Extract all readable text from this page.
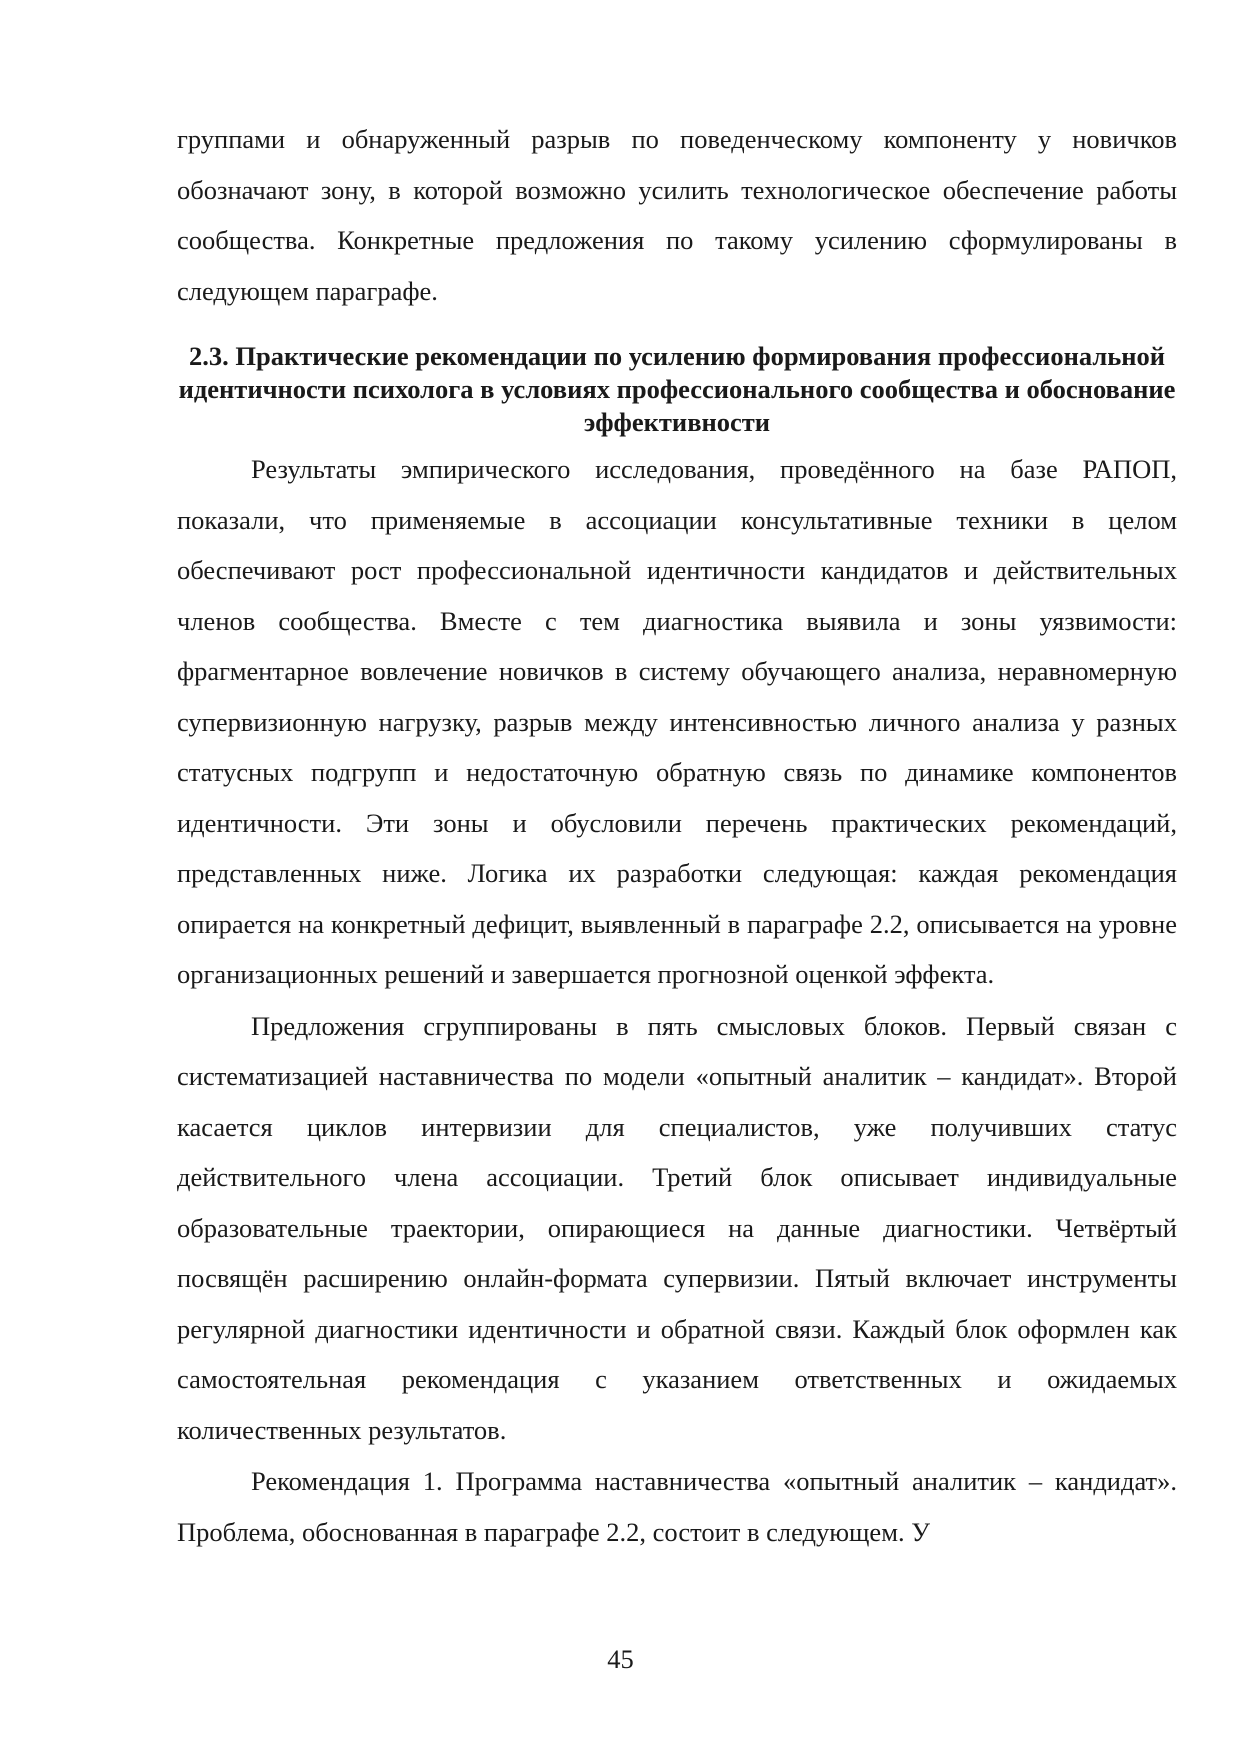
группами и обнаруженный разрыв по поведенческому компоненту у новичков обозначают зону, в которой возможно усилить технологическое обеспечение работы сообщества. Конкретные предложения по такому усилению сформулированы в следующем параграфе.

2.3. Практические рекомендации по усилению формирования профессиональной идентичности психолога в условиях профессионального сообщества и обоснование эффективности

Результаты эмпирического исследования, проведённого на базе РАПОП, показали, что применяемые в ассоциации консультативные техники в целом обеспечивают рост профессиональной идентичности кандидатов и действительных членов сообщества. Вместе с тем диагностика выявила и зоны уязвимости: фрагментарное вовлечение новичков в систему обучающего анализа, неравномерную супервизионную нагрузку, разрыв между интенсивностью личного анализа у разных статусных подгрупп и недостаточную обратную связь по динамике компонентов идентичности. Эти зоны и обусловили перечень практических рекомендаций, представленных ниже. Логика их разработки следующая: каждая рекомендация опирается на конкретный дефицит, выявленный в параграфе 2.2, описывается на уровне организационных решений и завершается прогнозной оценкой эффекта.

Предложения сгруппированы в пять смысловых блоков. Первый связан с систематизацией наставничества по модели «опытный аналитик – кандидат». Второй касается циклов интервизии для специалистов, уже получивших статус действительного члена ассоциации. Третий блок описывает индивидуальные образовательные траектории, опирающиеся на данные диагностики. Четвёртый посвящён расширению онлайн-формата супервизии. Пятый включает инструменты регулярной диагностики идентичности и обратной связи. Каждый блок оформлен как самостоятельная рекомендация с указанием ответственных и ожидаемых количественных результатов.

Рекомендация 1. Программа наставничества «опытный аналитик – кандидат». Проблема, обоснованная в параграфе 2.2, состоит в следующем. У

45
